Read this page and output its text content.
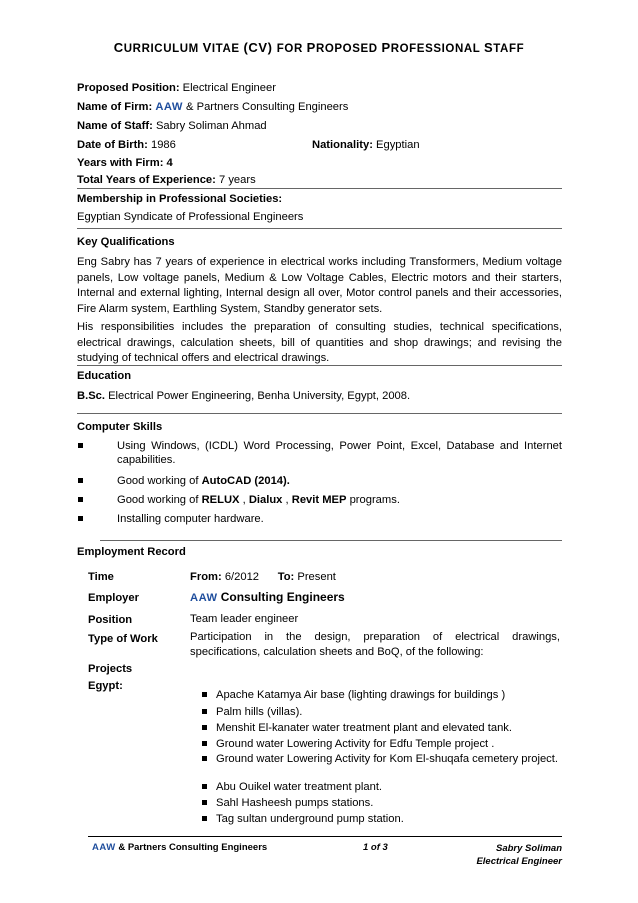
CURRICULUM VITAE (CV) FOR PROPOSED PROFESSIONAL STAFF
Proposed Position: Electrical Engineer
Name of Firm: AAW & Partners Consulting Engineers
Name of Staff: Sabry Soliman Ahmad
Date of Birth: 1986	Nationality: Egyptian
Years with Firm: 4
Total Years of Experience: 7 years
Membership in Professional Societies:
Egyptian Syndicate of Professional Engineers
Key Qualifications
Eng Sabry has 7 years of experience in electrical works including Transformers, Medium voltage panels, Low voltage panels, Medium & Low Voltage Cables, Electric motors and their starters, Internal and external lighting, Internal design all over, Motor control panels and their accessories, Fire Alarm system, Earthling System, Standby generator sets.
His responsibilities includes the preparation of consulting studies, technical specifications, electrical drawings, calculation sheets, bill of quantities and shop drawings; and revising the studying of technical offers and electrical drawings.
Education
B.Sc. Electrical Power Engineering, Benha University, Egypt, 2008.
Computer Skills
Using Windows, (ICDL) Word Processing, Power Point, Excel, Database and Internet capabilities.
Good working of AutoCAD (2014).
Good working of RELUX , Dialux , Revit MEP programs.
Installing computer hardware.
Employment Record
Time	From: 6/2012 To: Present
Employer	AAW Consulting Engineers
Position	Team leader engineer
Type of Work	Participation in the design, preparation of electrical drawings, specifications, calculation sheets and BoQ, of the following:
Projects
Egypt:
Apache Katamya Air base (lighting drawings for buildings )
Palm hills (villas).
Menshit El-kanater water treatment plant and elevated tank.
Ground water Lowering Activity for Edfu Temple project .
Ground water Lowering Activity for Kom El-shuqafa cemetery project.
Abu Ouikel water treatment plant.
Sahl Hasheesh pumps stations.
Tag sultan underground pump station.
AAW & Partners Consulting Engineers	1 of 3	Sabry Soliman
Electrical Engineer
